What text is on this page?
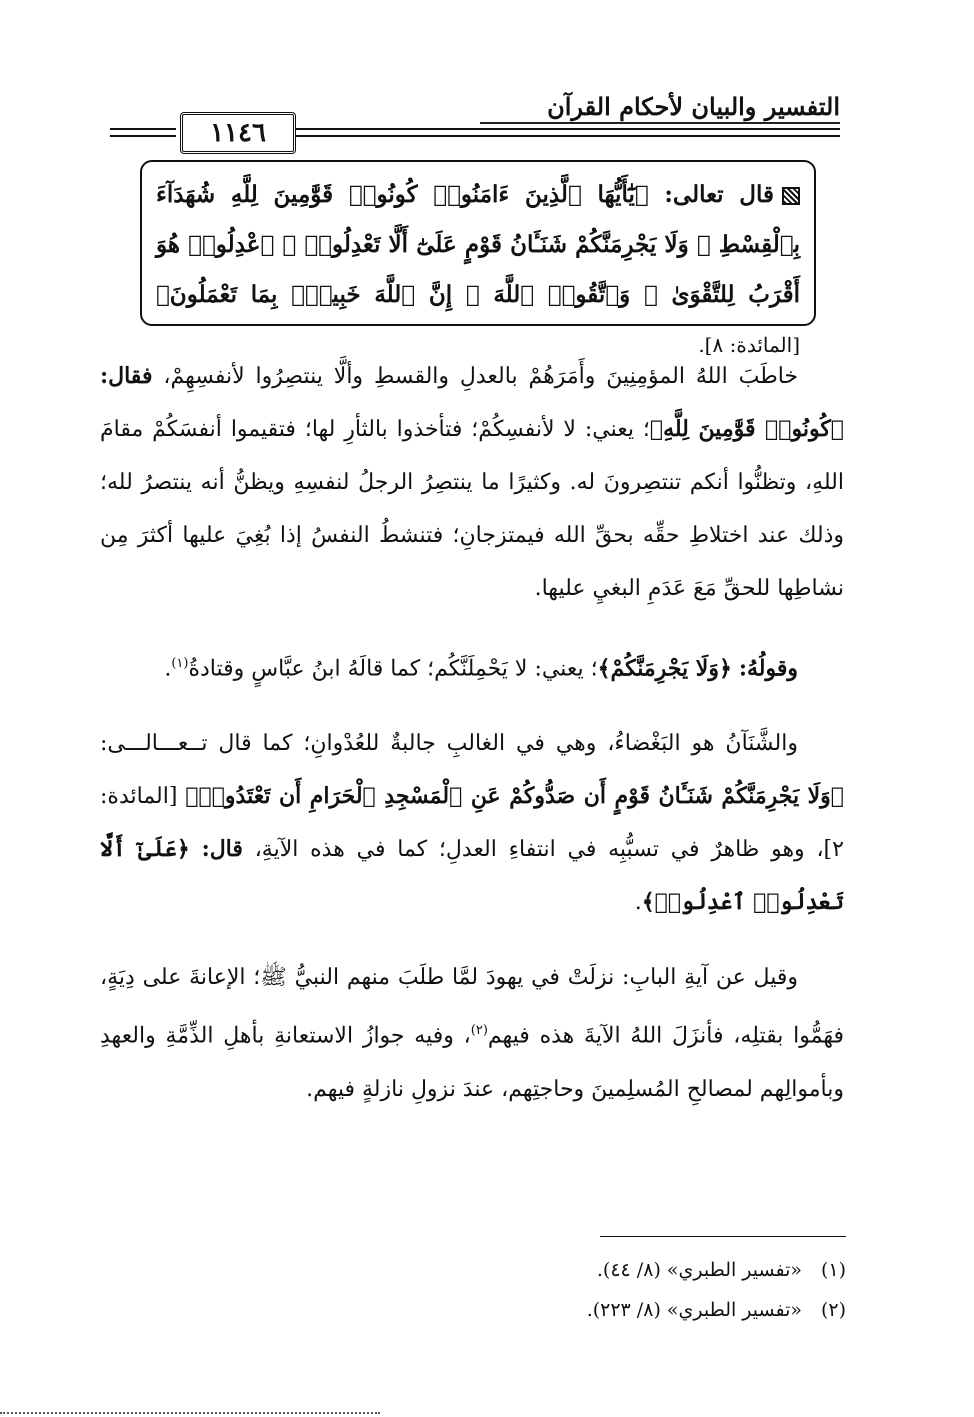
التفسير والبيان لأحكام القرآن
١١٤٦
قال تعالى: ﴿يَٰٓأَيُّهَا ٱلَّذِينَ ءَامَنُوا۟ كُونُوا۟ قَوَّٰمِينَ لِلَّهِ شُهَدَآءَ بِٱلْقِسْطِ ۖ وَلَا يَجْرِمَنَّكُمْ شَنَـَٔانُ قَوْمٍ عَلَىٰٓ أَلَّا تَعْدِلُوا۟ ۚ ٱعْدِلُوا۟ هُوَ أَقْرَبُ لِلتَّقْوَىٰ ۖ وَٱتَّقُوا۟ ٱللَّهَ ۚ إِنَّ ٱللَّهَ خَبِيرٌۢ بِمَا تَعْمَلُونَ﴾ [المائدة: ٨].

خاطَبَ اللهُ المؤمِنِينَ وأَمَرَهُمْ بالعدلِ والقسطِ وألَّا ينتصِرُوا لأنفسِهِمْ، فقال: ﴿كُونُوا۟ قَوَّٰمِينَ لِلَّهِ﴾؛ يعني: لا لأنفسِكُمْ؛ فتأخذوا بالثأرِ لها؛ فتقيموا أنفسَكُمْ مقامَ اللهِ، وتظنُّوا أنكم تنتصِرونَ له. وكثيرًا ما ينتصِرُ الرجلُ لنفسِهِ ويظنُّ أنه ينتصرُ لله؛ وذلك عند اختلاطِ حقِّه بحقِّ الله فيمتزجانِ؛ فتنشطُ النفسُ إذا بُغِيَ عليها أكثرَ مِن نشاطِها للحقِّ مَعَ عَدَمِ البغيِ عليها.

وقولُهُ: ﴿وَلَا يَجْرِمَنَّكُمْ﴾؛ يعني: لا يَحْمِلَنَّكُم؛ كما قالَهُ ابنُ عبَّاسٍ وقتادةُ$^{(١)}$.

والشَّنَآنُ هو البَغْضاءُ، وهي في الغالبِ جالبةٌ للعُدْوانِ؛ كما قال تــعـــالـــى: ﴿وَلَا يَجْرِمَنَّكُمْ شَنَـَٔانُ قَوْمٍ أَن صَدُّوكُمْ عَنِ ٱلْمَسْجِدِ ٱلْحَرَامِ أَن تَعْتَدُوا۟﴾ [المائدة: ٢]، وهو ظاهرٌ في تسبُّبِه في انتفاءِ العدلِ؛ كما في هذه الآيةِ، قال: ﴿عَلَىٰٓ أَلَّا تَعْدِلُوا۟ ٱعْدِلُوا۟﴾.

وقيل عن آيةِ البابِ: نزلَتْ في يهودَ لمَّا طلَبَ منهم النبيُّ ﷺ؛ الإعانةَ على دِيَةٍ، فهَمُّوا بقتلِه، فأنزَلَ اللهُ الآيةَ هذه فيهم$^{(٢)}$، وفيه جوازُ الاستعانةِ بأهلِ الذِّمَّةِ والعهدِ وبأموالِهم لمصالحِ المُسلِمينَ وحاجتِهم، عندَ نزولِ نازلةٍ فيهم.

(١)«تفسير الطبري» (٨/ ٤٤).
(٢)«تفسير الطبري» (٨/ ٢٢٣).
